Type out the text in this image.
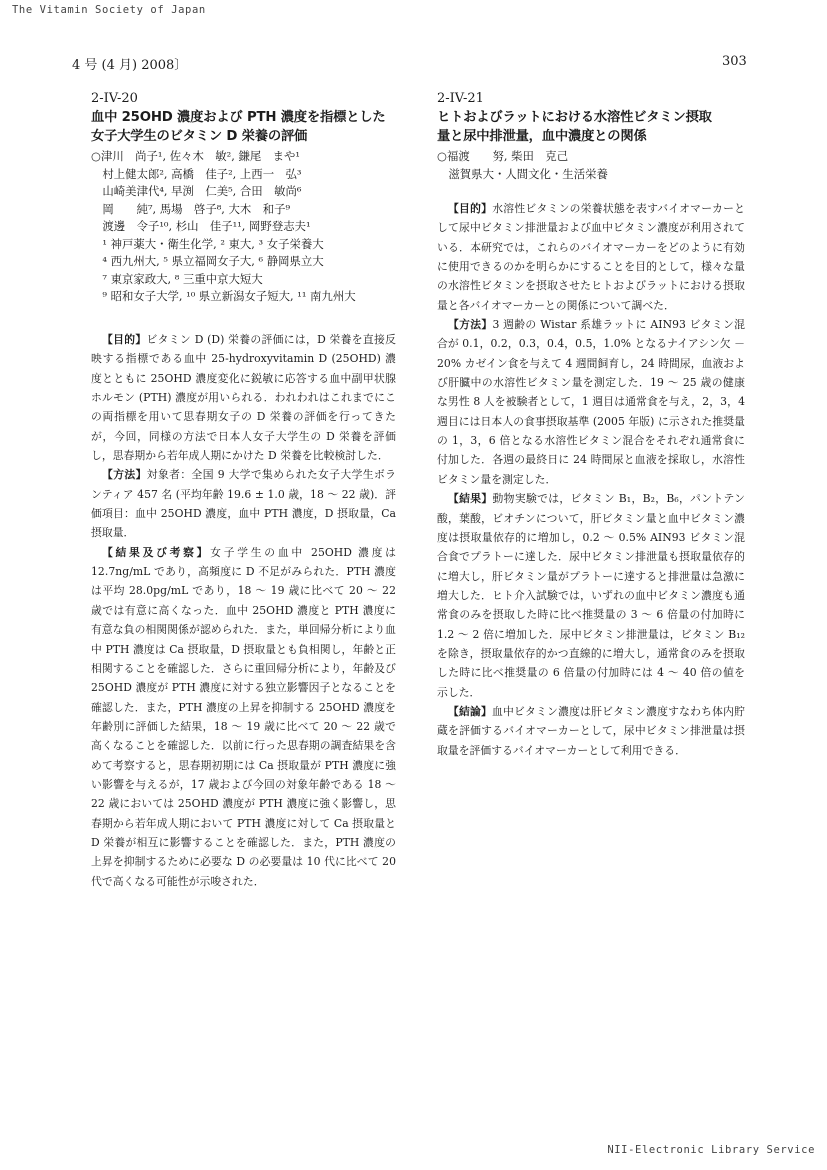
The Vitamin Society of Japan
4 号 (4 月) 2008〕	303
2-IV-20
血中 25OHD 濃度および PTH 濃度を指標とした
女子大学生のビタミン D 栄養の評価
○津川　尚子¹, 佐々木　敏², 鎌尾　まや¹
　村上健太郎², 高橋　佳子², 上西一　弘³
　山崎美津代⁴, 早渕　仁美⁵, 合田　敏尚⁶
　岡　　純⁷, 馬場　啓子⁸, 大木　和子⁹
　渡邊　令子¹⁰, 杉山　佳子¹¹, 岡野登志夫¹
　¹ 神戸薬大・衛生化学, ² 東大, ³ 女子栄養大
　⁴ 西九州大, ⁵ 県立福岡女子大, ⁶ 静岡県立大
　⁷ 東京家政大, ⁸ 三重中京大短大
　⁹ 昭和女子大学, ¹⁰ 県立新潟女子短大, ¹¹ 南九州大

【目的】ビタミン D (D) 栄養の評価には，D 栄養を直接反映する指標である血中 25-hydroxyvitamin D (25OHD) 濃度とともに 25OHD 濃度変化に鋭敏に応答する血中副甲状腺ホルモン (PTH) 濃度が用いられる．われわれはこれまでにこの両指標を用いて思春期女子の D 栄養の評価を行ってきたが，今回，同様の方法で日本人女子大学生の D 栄養を評価し，思春期から若年成人期にかけた D 栄養を比較検討した．

【方法】対象者：全国 9 大学で集められた女子大学生ボランティア 457 名 (平均年齢 19.6 ± 1.0 歳，18 ～ 22 歳)．評価項目：血中 25OHD 濃度，血中 PTH 濃度，D 摂取量，Ca 摂取量．

【結果及び考察】女子学生の血中 25OHD 濃度は 12.7ng/mL であり，高頻度に D 不足がみられた．PTH 濃度は平均 28.0pg/mL であり，18 ～ 19 歳に比べて 20 ～ 22 歳では有意に高くなった．血中 25OHD 濃度と PTH 濃度に有意な負の相関関係が認められた．また，単回帰分析により血中 PTH 濃度は Ca 摂取量，D 摂取量とも負相関し，年齢と正相関することを確認した．さらに重回帰分析により，年齢及び 25OHD 濃度が PTH 濃度に対する独立影響因子となることを確認した．また，PTH 濃度の上昇を抑制する 25OHD 濃度を年齢別に評価した結果，18 ～ 19 歳に比べて 20 ～ 22 歳で高くなることを確認した．以前に行った思春期の調査結果を含めて考察すると，思春期初期には Ca 摂取量が PTH 濃度に強い影響を与えるが，17 歳および今回の対象年齢である 18 ～ 22 歳においては 25OHD 濃度が PTH 濃度に強く影響し，思春期から若年成人期において PTH 濃度に対して Ca 摂取量と D 栄養が相互に影響することを確認した．また，PTH 濃度の上昇を抑制するために必要な D の必要量は 10 代に比べて 20 代で高くなる可能性が示唆された．

2-IV-21
ヒトおよびラットにおける水溶性ビタミン摂取
量と尿中排泄量，血中濃度との関係
○福渡　　努, 柴田　克己
　滋賀県大・人間文化・生活栄養

【目的】水溶性ビタミンの栄養状態を表すバイオマーカーとして尿中ビタミン排泄量および血中ビタミン濃度が利用されている．本研究では，これらのバイオマーカーをどのように有効に使用できるのかを明らかにすることを目的として，様々な量の水溶性ビタミンを摂取させたヒトおよびラットにおける摂取量と各バイオマーカーとの関係について調べた．

【方法】3 週齢の Wistar 系雄ラットに AIN93 ビタミン混合が 0.1，0.2，0.3，0.4，0.5，1.0% となるナイアシン欠 － 20% カゼイン食を与えて 4 週間飼育し，24 時間尿，血液および肝臓中の水溶性ビタミン量を測定した．19 ～ 25 歳の健康な男性 8 人を被験者として，1 週目は通常食を与え，2，3，4 週目には日本人の食事摂取基準 (2005 年版) に示された推奨量の 1，3，6 倍となる水溶性ビタミン混合をそれぞれ通常食に付加した．各週の最終日に 24 時間尿と血液を採取し，水溶性ビタミン量を測定した．

【結果】動物実験では，ビタミン B₁，B₂，B₆，パントテン酸，葉酸，ビオチンについて，肝ビタミン量と血中ビタミン濃度は摂取量依存的に増加し，0.2 ～ 0.5% AIN93 ビタミン混合食でプラトーに達した．尿中ビタミン排泄量も摂取量依存的に増大し，肝ビタミン量がプラトーに達すると排泄量は急激に増大した．ヒト介入試験では，いずれの血中ビタミン濃度も通常食のみを摂取した時に比べ推奨量の 3 ～ 6 倍量の付加時に 1.2 ～ 2 倍に増加した．尿中ビタミン排泄量は，ビタミン B₁₂ を除き，摂取量依存的かつ直線的に増大し，通常食のみを摂取した時に比べ推奨量の 6 倍量の付加時には 4 ～ 40 倍の値を示した．

【結論】血中ビタミン濃度は肝ビタミン濃度すなわち体内貯蔵を評価するバイオマーカーとして，尿中ビタミン排泄量は摂取量を評価するバイオマーカーとして利用できる．

NII-Electronic Library Service
